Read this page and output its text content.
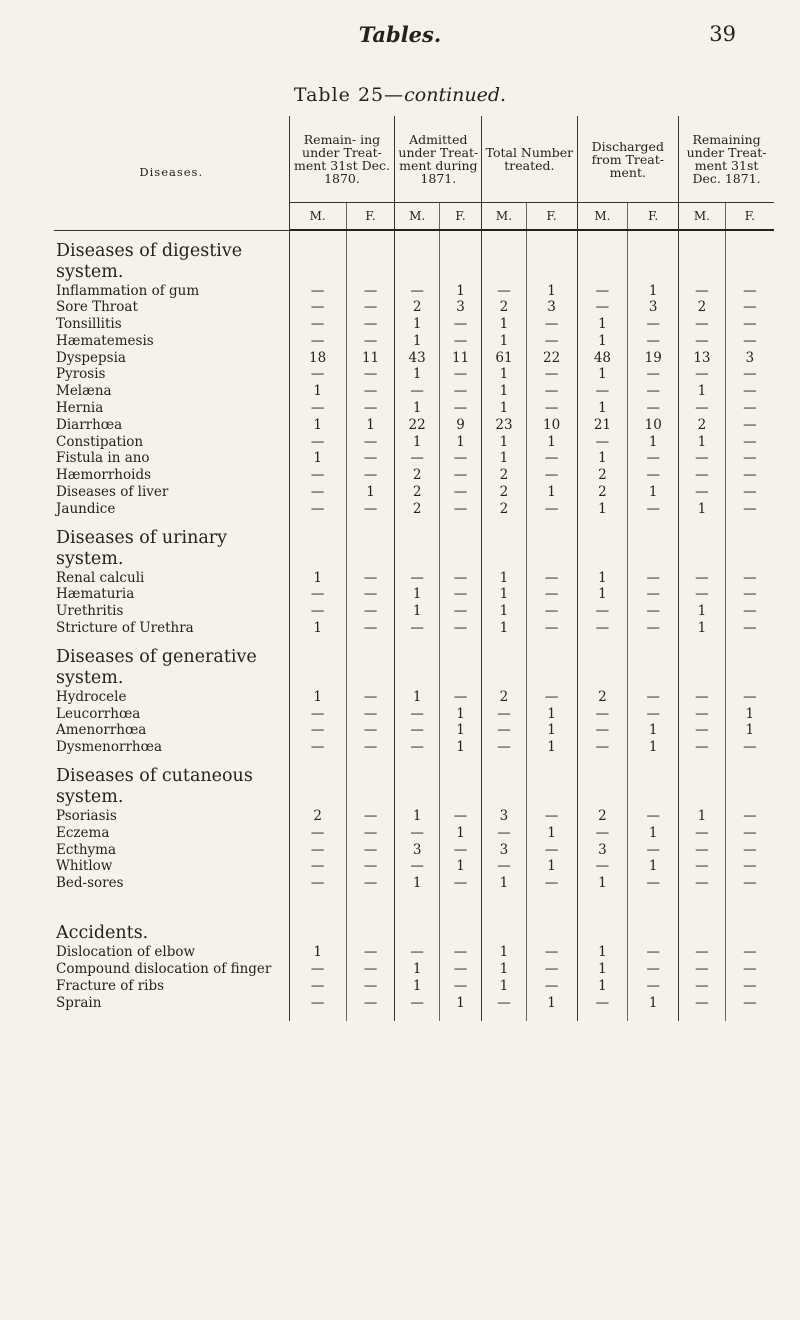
Tables.	39
Table 25—continued.
Diseases.	Remain- ing under Treat- ment 31st Dec. 1870.		Admitted under Treat- ment during 1871.		Total Number treated.		Discharged from Treat- ment.		Remaining under Treat- ment 31st Dec. 1871.	
	M.	F.	M.	F.	M.	F.	M.	F.	M.	F.
Diseases of digestive system.										
Inflammation of gum	—	—	—	1	—	1	—	1	—	—
Sore Throat	—	—	2	3	2	3	—	3	2	—
Tonsillitis	—	—	1	—	1	—	1	—	—	—
Hæmatemesis	—	—	1	—	1	—	1	—	—	—
Dyspepsia	18	11	43	11	61	22	48	19	13	3
Pyrosis	—	—	1	—	1	—	1	—	—	—
Melæna	1	—	—	—	1	—	—	—	1	—
Hernia	—	—	1	—	1	—	1	—	—	—
Diarrhœa	1	1	22	9	23	10	21	10	2	—
Constipation	—	—	1	1	1	1	—	1	1	—
Fistula in ano	1	—	—	—	1	—	1	—	—	—
Hæmorrhoids	—	—	2	—	2	—	2	—	—	—
Diseases of liver	—	1	2	—	2	1	2	1	—	—
Jaundice	—	—	2	—	2	—	1	—	1	—
Diseases of urinary system.										
Renal calculi	1	—	—	—	1	—	1	—	—	—
Hæmaturia	—	—	1	—	1	—	1	—	—	—
Urethritis	—	—	1	—	1	—	—	—	1	—
Stricture of Urethra	1	—	—	—	1	—	—	—	1	—
Diseases of generative system.										
Hydrocele	1	—	1	—	2	—	2	—	—	—
Leucorrhœa	—	—	—	1	—	1	—	—	—	1
Amenorrhœa	—	—	—	1	—	1	—	1	—	1
Dysmenorrhœa	—	—	—	1	—	1	—	1	—	—
Diseases of cutaneous system.										
Psoriasis	2	—	1	—	3	—	2	—	1	—
Eczema	—	—	—	1	—	1	—	1	—	—
Ecthyma	—	—	3	—	3	—	3	—	—	—
Whitlow	—	—	—	1	—	1	—	1	—	—
Bed-sores	—	—	1	—	1	—	1	—	—	—
Accidents.										
Dislocation of elbow	1	—	—	—	1	—	1	—	—	—
Compound dislocation of finger	—	—	1	—	1	—	1	—	—	—
Fracture of ribs	—	—	1	—	1	—	1	—	—	—
Sprain	—	—	—	1	—	1	—	1	—	—
